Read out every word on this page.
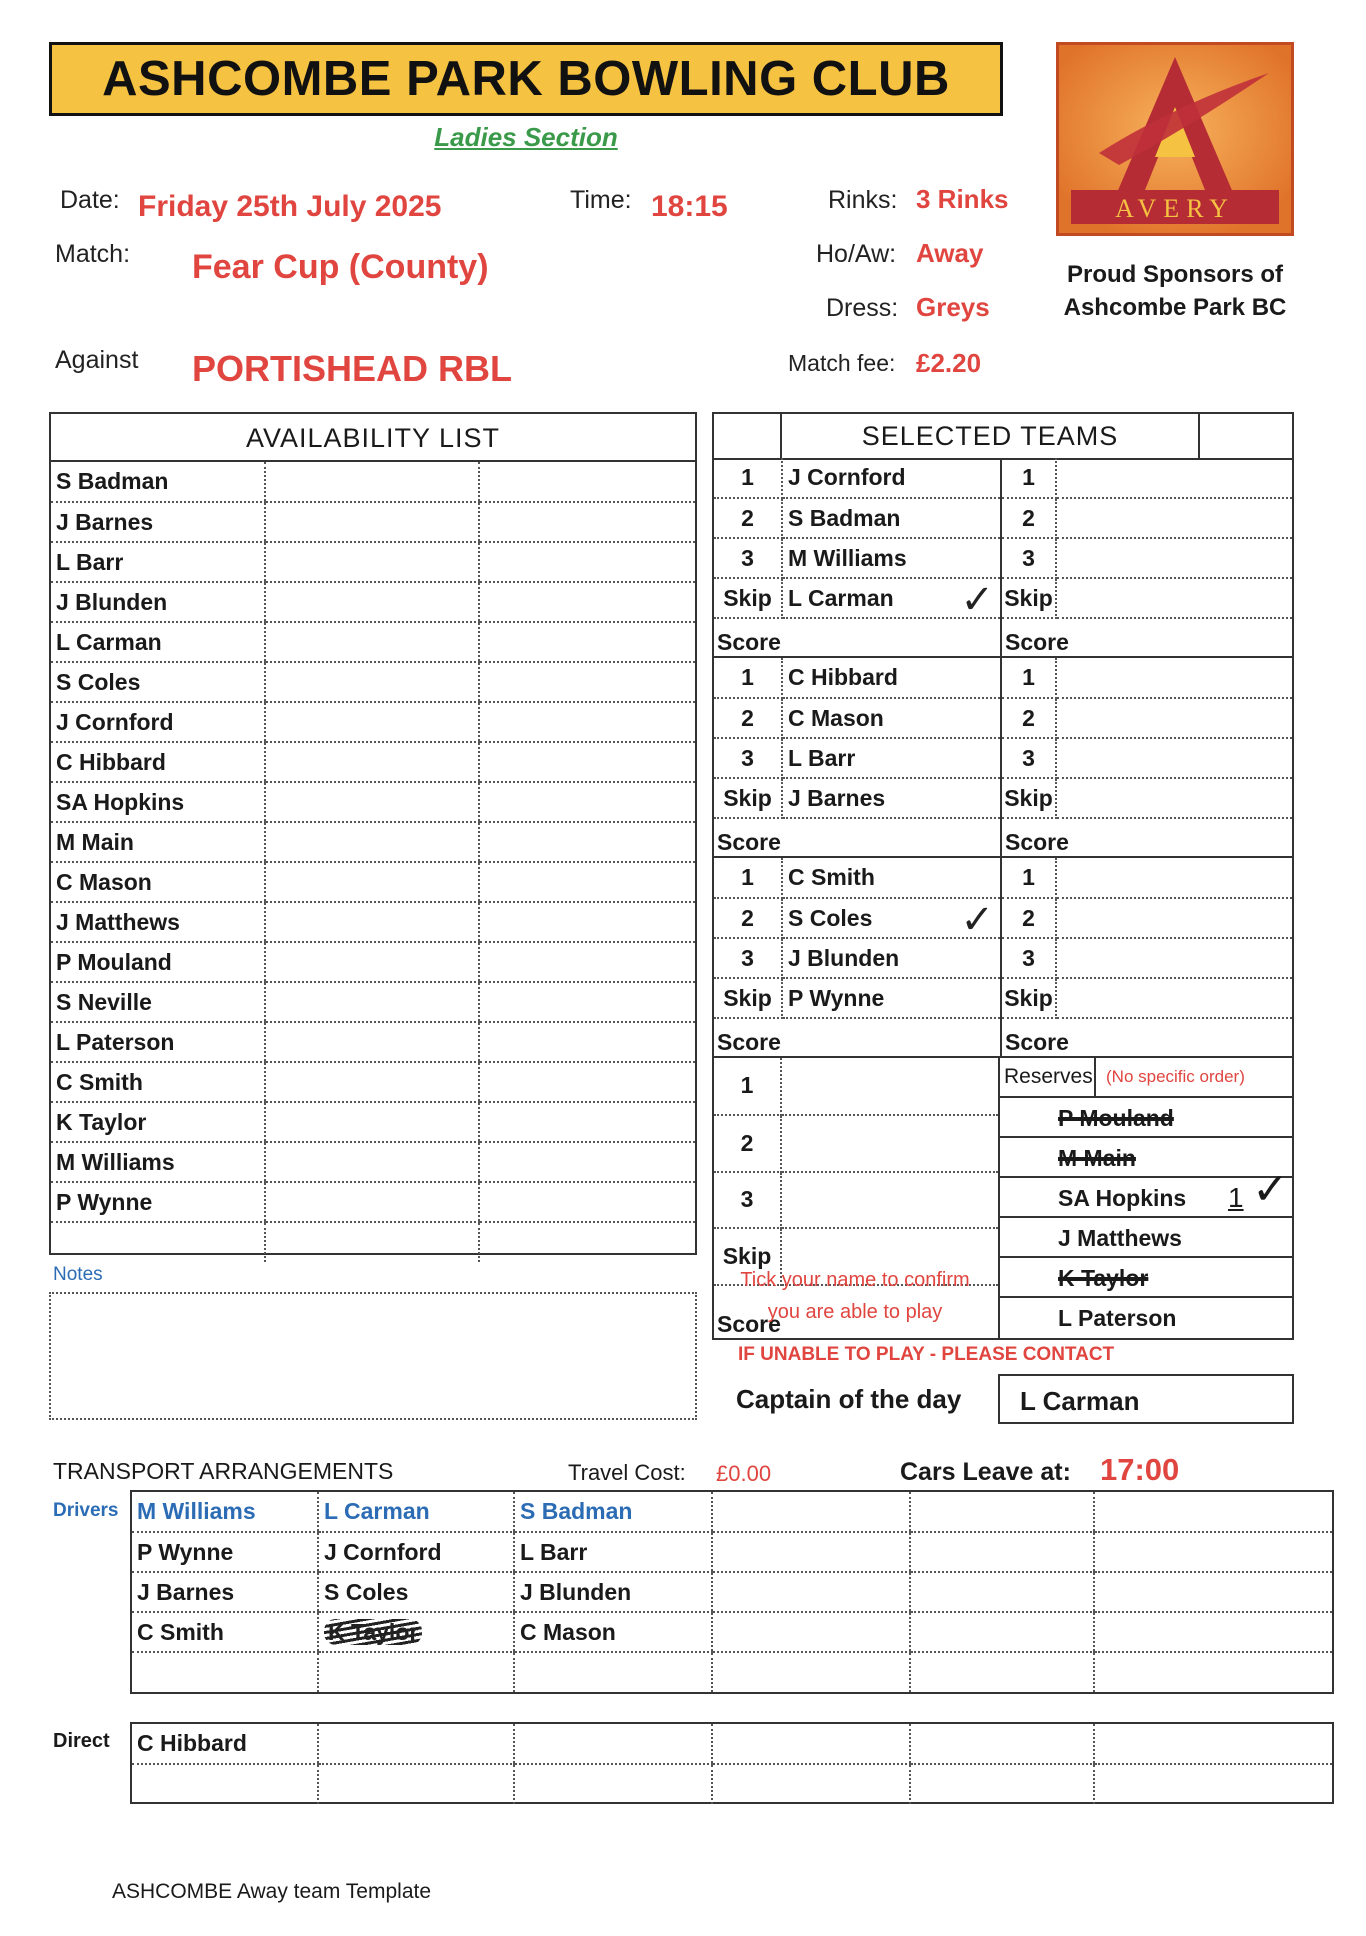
ASHCOMBE PARK BOWLING CLUB
Ladies Section
AVERY
Proud Sponsors of Ashcombe Park BC
Date: Friday 25th July 2025	Time: 18:15	Rinks: 3 Rinks
Match: Fear Cup (County)	Ho/Aw: Away
Dress: Greys
Against PORTISHEAD RBL	Match fee: £2.20
AVAILABILITY LIST
S Badman		
J Barnes		
L Barr		
J Blunden		
L Carman		
S Coles		
J Cornford		
C Hibbard		
SA Hopkins		
M Main		
C Mason		
J Matthews		
P Mouland		
S Neville		
L Paterson		
C Smith		
K Taylor		
M Williams		
P Wynne		

SELECTED TEAMS
1	J Cornford
2	S Badman
3	M Williams
Skip	L Carman ✓

Score	
1	
2	
3	
Skip	
Score	
1	C Hibbard
2	C Mason
3	L Barr
Skip	J Barnes
Score	
1	
2	
3	
Skip	
Score	
1	C Smith
2	S Coles ✓

3	J Blunden
Skip	P Wynne
Score	
1	
2	
3	
Skip	
Score	
1	
2	
3	
Skip	
Score	
Reserves (No specific order)
P Mouland
M Main
SA Hopkins 1 ✓
J Matthews
K Taylor
L Paterson
Notes	Tick your name to confirm you are able to play
IF UNABLE TO PLAY - PLEASE CONTACT
Captain of the day	L Carman
TRANSPORT ARRANGEMENTS	Travel Cost: £0.00	Cars Leave at: 17:00
Drivers M Williams	L Carman	S Badman			
P Wynne	J Cornford	L Barr			
J Barnes	S Coles	J Blunden			
C Smith	K Taylor	C Mason			

Direct C Hibbard					

ASHCOMBE Away team Template
